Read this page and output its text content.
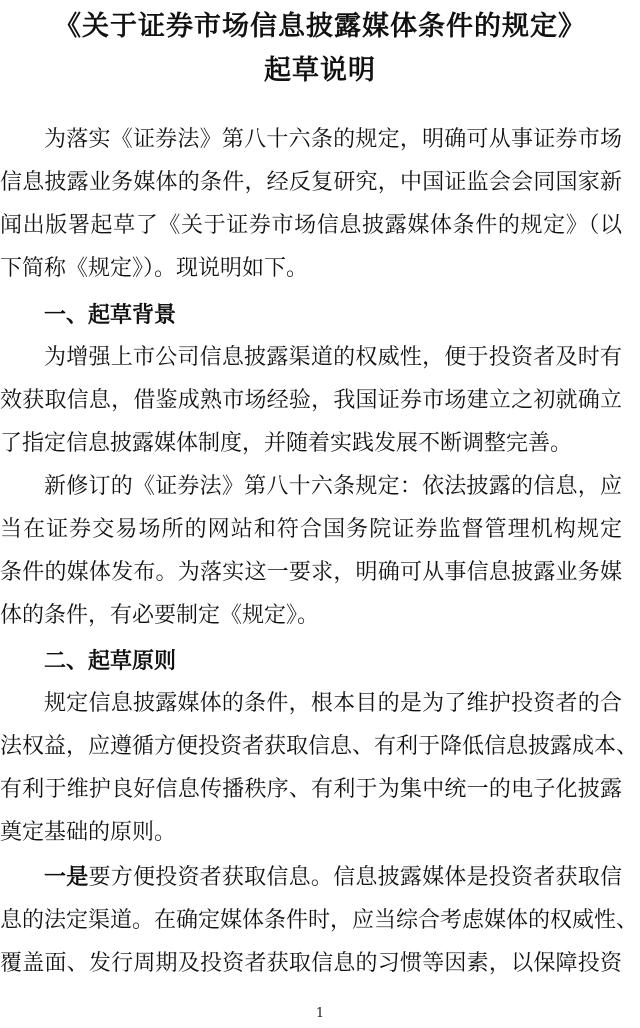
《关于证券市场信息披露媒体条件的规定》
起草说明
为落实《证券法》第八十六条的规定，明确可从事证券市场
信息披露业务媒体的条件，经反复研究，中国证监会会同国家新
闻出版署起草了《关于证券市场信息披露媒体条件的规定》（以
下简称《规定》）。现说明如下。
一、起草背景
为增强上市公司信息披露渠道的权威性，便于投资者及时有
效获取信息，借鉴成熟市场经验，我国证券市场建立之初就确立
了指定信息披露媒体制度，并随着实践发展不断调整完善。
新修订的《证券法》第八十六条规定：依法披露的信息，应
当在证券交易场所的网站和符合国务院证券监督管理机构规定
条件的媒体发布。为落实这一要求，明确可从事信息披露业务媒
体的条件，有必要制定《规定》。
二、起草原则
规定信息披露媒体的条件，根本目的是为了维护投资者的合
法权益，应遵循方便投资者获取信息、有利于降低信息披露成本、
有利于维护良好信息传播秩序、有利于为集中统一的电子化披露
奠定基础的原则。
一是要方便投资者获取信息。信息披露媒体是投资者获取信
息的法定渠道。在确定媒体条件时，应当综合考虑媒体的权威性、
覆盖面、发行周期及投资者获取信息的习惯等因素，以保障投资
1
